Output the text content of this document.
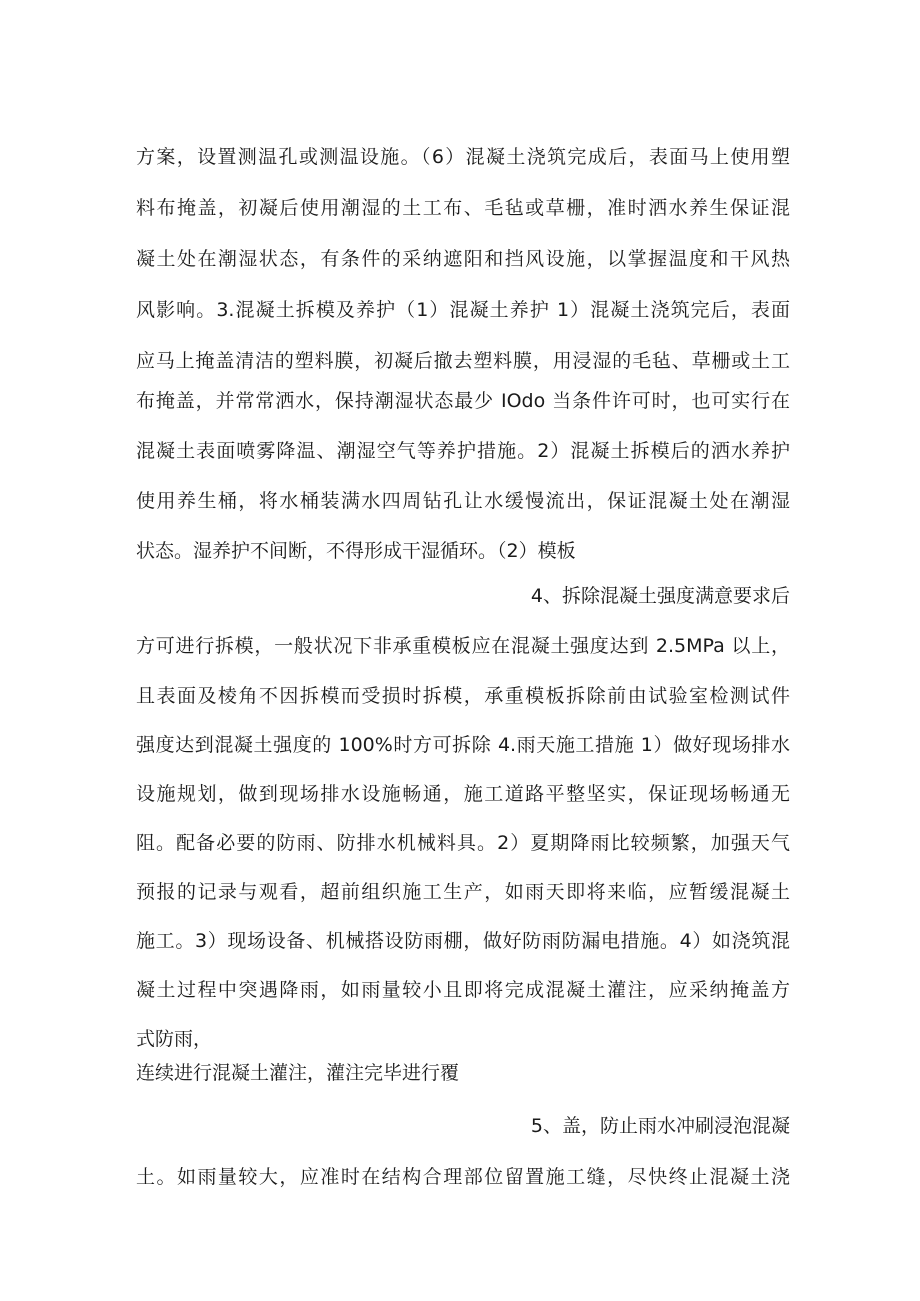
方案，设置测温孔或测温设施。（6）混凝土浇筑完成后，表面马上使用塑
料布掩盖，初凝后使用潮湿的土工布、毛毡或草栅，准时洒水养生保证混
凝土处在潮湿状态，有条件的采纳遮阳和挡风设施，以掌握温度和干风热
风影响。3.混凝土拆模及养护（1）混凝土养护 1）混凝土浇筑完后，表面
应马上掩盖清洁的塑料膜，初凝后撤去塑料膜，用浸湿的毛毡、草栅或土工
布掩盖，并常常洒水，保持潮湿状态最少 IOdo 当条件许可时，也可实行在
混凝土表面喷雾降温、潮湿空气等养护措施。2）混凝土拆模后的洒水养护
使用养生桶，将水桶装满水四周钻孔让水缓慢流出，保证混凝土处在潮湿
状态。湿养护不间断，不得形成干湿循环。（2）模板
4、拆除混凝土强度满意要求后
方可进行拆模，一般状况下非承重模板应在混凝土强度达到 2.5MPa 以上，
且表面及棱角不因拆模而受损时拆模，承重模板拆除前由试验室检测试件
强度达到混凝土强度的 100%时方可拆除 4.雨天施工措施 1）做好现场排水
设施规划，做到现场排水设施畅通，施工道路平整坚实，保证现场畅通无
阻。配备必要的防雨、防排水机械料具。2）夏期降雨比较频繁，加强天气
预报的记录与观看，超前组织施工生产，如雨天即将来临，应暂缓混凝土
施工。3）现场设备、机械搭设防雨棚，做好防雨防漏电措施。4）如浇筑混
凝土过程中突遇降雨，如雨量较小且即将完成混凝土灌注，应采纳掩盖方
式防雨，
连续进行混凝土灌注，灌注完毕进行覆
5、盖，防止雨水冲刷浸泡混凝
土。如雨量较大，应准时在结构合理部位留置施工缝，尽快终止混凝土浇
